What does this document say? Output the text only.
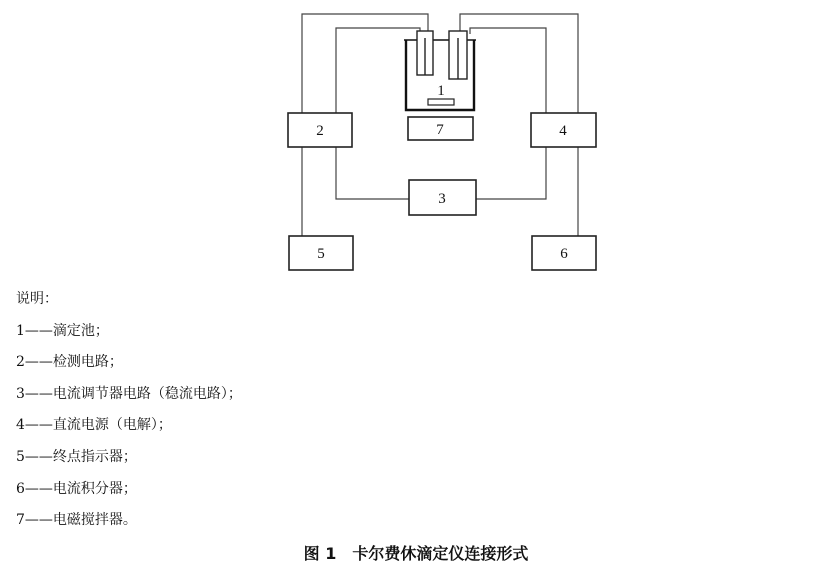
1
2	4
7
3
5	6
说明：
1——滴定池；
2——检测电路；
3——电流调节器电路（稳流电路）；
4——直流电源（电解）；
5——终点指示器；
6——电流积分器；
7——电磁搅拌器。
图 1　卡尔费休滴定仪连接形式
